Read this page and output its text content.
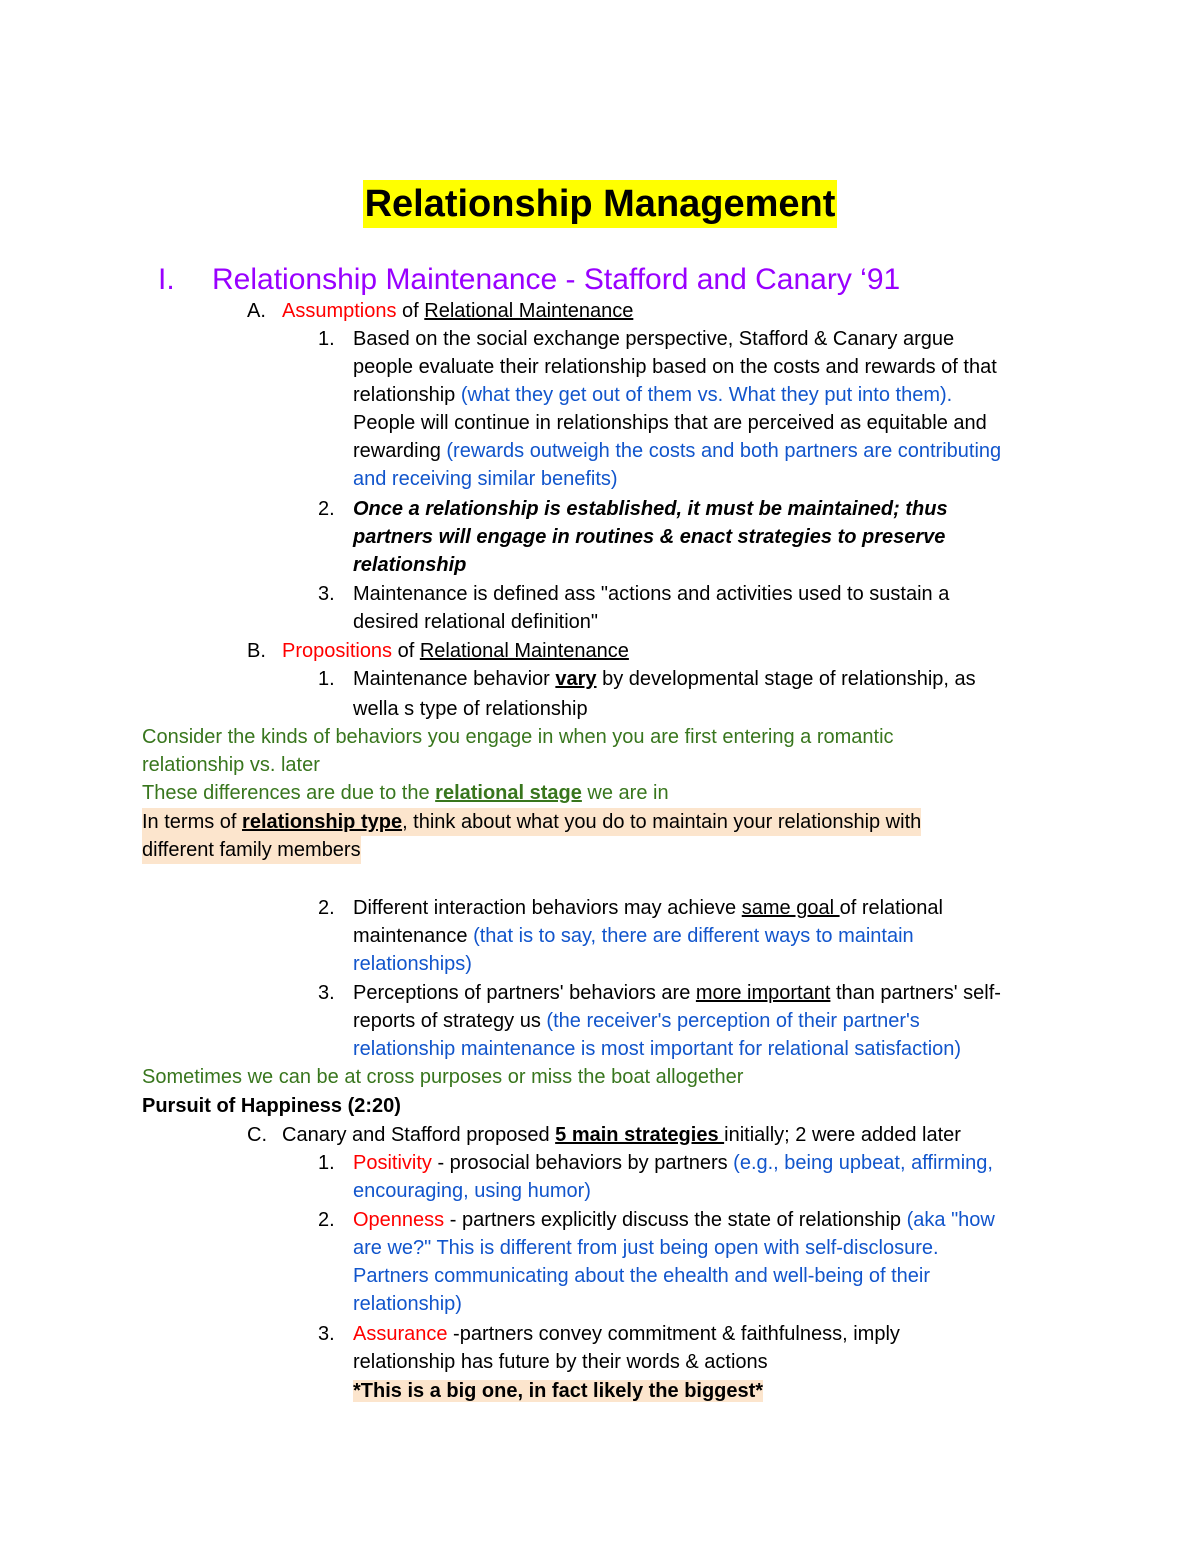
Relationship Management
I. Relationship Maintenance - Stafford and Canary ‘91
A. Assumptions of Relational Maintenance
1. Based on the social exchange perspective, Stafford & Canary argue
people evaluate their relationship based on the costs and rewards of that
relationship (what they get out of them vs. What they put into them).
People will continue in relationships that are perceived as equitable and
rewarding (rewards outweigh the costs and both partners are contributing
and receiving similar benefits)
2. Once a relationship is established, it must be maintained; thus
partners will engage in routines & enact strategies to preserve
relationship
3. Maintenance is defined ass "actions and activities used to sustain a
desired relational definition"
B. Propositions of Relational Maintenance
1. Maintenance behavior vary by developmental stage of relationship, as
wella s type of relationship
Consider the kinds of behaviors you engage in when you are first entering a romantic
relationship vs. later
These differences are due to the relational stage we are in
In terms of relationship type, think about what you do to maintain your relationship with
different family members
2. Different interaction behaviors may achieve same goal of relational
maintenance (that is to say, there are different ways to maintain
relationships)
3. Perceptions of partners' behaviors are more important than partners' self-
reports of strategy us (the receiver's perception of their partner's
relationship maintenance is most important for relational satisfaction)
Sometimes we can be at cross purposes or miss the boat allogether
Pursuit of Happiness (2:20)
C. Canary and Stafford proposed 5 main strategies initially; 2 were added later
1. Positivity - prosocial behaviors by partners (e.g., being upbeat, affirming,
encouraging, using humor)
2. Openness - partners explicitly discuss the state of relationship (aka "how
are we?" This is different from just being open with self-disclosure.
Partners communicating about the ehealth and well-being of their
relationship)
3. Assurance -partners convey commitment & faithfulness, imply
relationship has future by their words & actions
*This is a big one, in fact likely the biggest*
